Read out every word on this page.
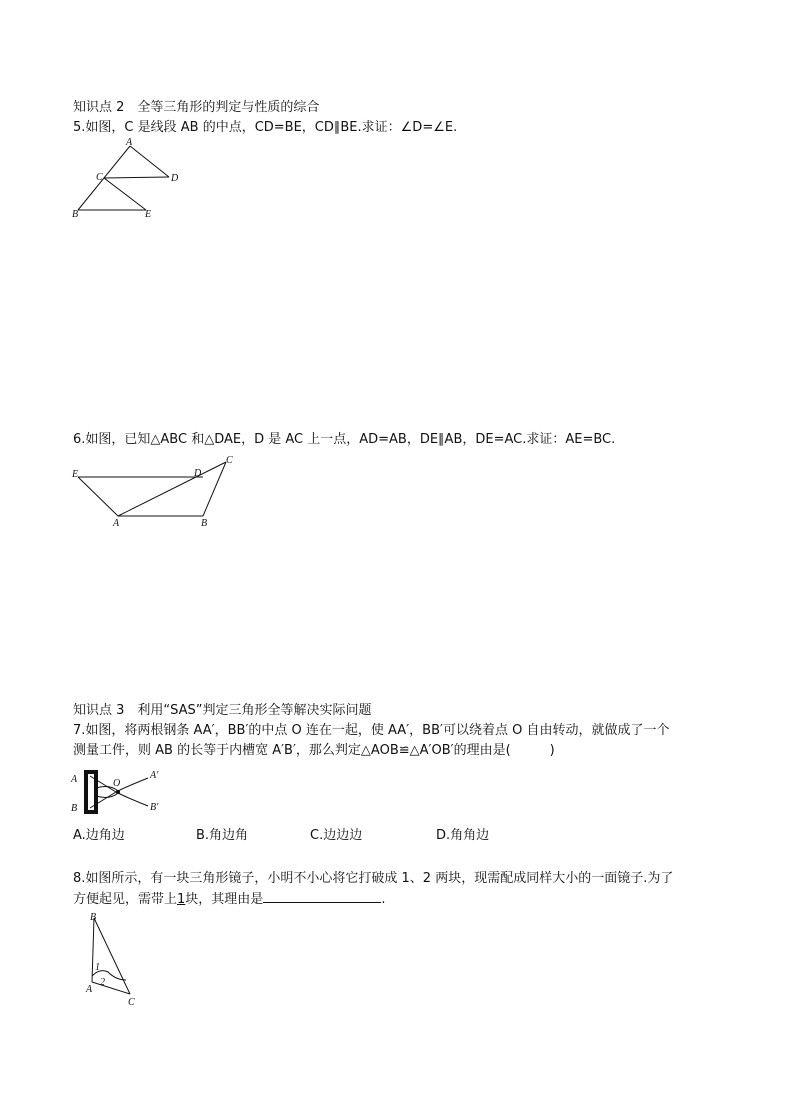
知识点 2　全等三角形的判定与性质的综合
5.如图，C 是线段 AB 的中点，CD=BE，CD∥BE.求证：∠D=∠E.
A
C	D
B	E
6.如图，已知△ABC 和△DAE，D 是 AC 上一点，AD=AB，DE∥AB，DE=AC.求证：AE=BC.
E	D
C
A	B
知识点 3　利用“SAS”判定三角形全等解决实际问题
7.如图，将两根钢条 AA′，BB′的中点 O 连在一起，使 AA′，BB′可以绕着点 O 自由转动，就做成了一个
测量工件，则 AB 的长等于内槽宽 A′B′，那么判定△AOB≌△A′OB′的理由是(　　　)
A
B
O
A′
B′
A.边角边	B.角边角	C.边边边	D.角角边
8.如图所示，有一块三角形镜子，小明不小心将它打破成 1、2 两块，现需配成同样大小的一面镜子.为了
方便起见，需带上1块，其理由是	.
B
A
C
1
2
